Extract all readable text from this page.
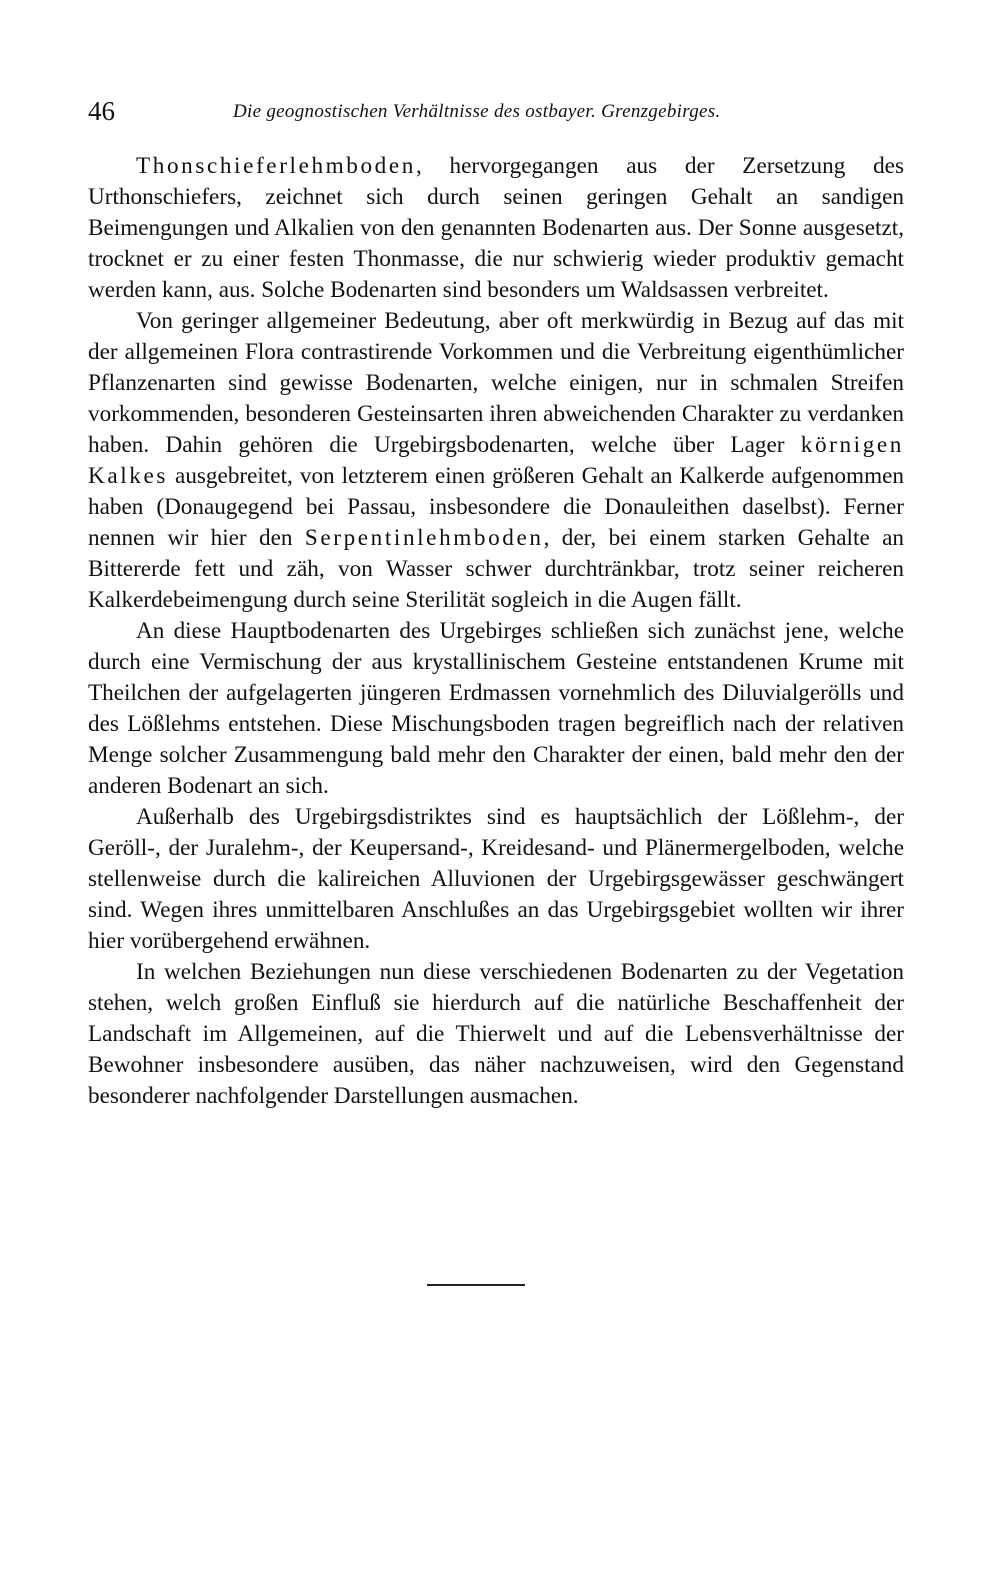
46	Die geognostischen Verhältnisse des ostbayer. Grenzgebirges.

Thonschieferlehmboden, hervorgegangen aus der Zersetzung des Urthonschiefers, zeichnet sich durch seinen geringen Gehalt an sandigen Beimengungen und Alkalien von den genannten Bodenarten aus. Der Sonne ausgesetzt, trocknet er zu einer festen Thonmasse, die nur schwierig wieder produktiv gemacht werden kann, aus. Solche Bodenarten sind besonders um Waldsassen verbreitet.

Von geringer allgemeiner Bedeutung, aber oft merkwürdig in Bezug auf das mit der allgemeinen Flora contrastirende Vorkommen und die Verbreitung eigenthümlicher Pflanzenarten sind gewisse Bodenarten, welche einigen, nur in schmalen Streifen vorkommenden, besonderen Gesteinsarten ihren abweichenden Charakter zu verdanken haben. Dahin gehören die Urgebirgsbodenarten, welche über Lager körnigen Kalkes ausgebreitet, von letzterem einen größeren Gehalt an Kalkerde aufgenommen haben (Donaugegend bei Passau, insbesondere die Donauleithen daselbst). Ferner nennen wir hier den Serpentinlehmboden, der, bei einem starken Gehalte an Bittererde fett und zäh, von Wasser schwer durchtränkbar, trotz seiner reicheren Kalkerdebeimengung durch seine Sterilität sogleich in die Augen fällt.

An diese Hauptbodenarten des Urgebirges schließen sich zunächst jene, welche durch eine Vermischung der aus krystallinischem Gesteine entstandenen Krume mit Theilchen der aufgelagerten jüngeren Erdmassen vornehmlich des Diluvialgerölls und des Lößlehms entstehen. Diese Mischungsboden tragen begreiflich nach der relativen Menge solcher Zusammengung bald mehr den Charakter der einen, bald mehr den der anderen Bodenart an sich.

Außerhalb des Urgebirgsdistriktes sind es hauptsächlich der Lößlehm-, der Geröll-, der Juralehm-, der Keupersand-, Kreidesand- und Plänermergelboden, welche stellenweise durch die kalireichen Alluvionen der Urgebirgsgewässer geschwängert sind. Wegen ihres unmittelbaren Anschlußes an das Urgebirgsgebiet wollten wir ihrer hier vorübergehend erwähnen.

In welchen Beziehungen nun diese verschiedenen Bodenarten zu der Vegetation stehen, welch großen Einfluß sie hierdurch auf die natürliche Beschaffenheit der Landschaft im Allgemeinen, auf die Thierwelt und auf die Lebensverhältnisse der Bewohner insbesondere ausüben, das näher nachzuweisen, wird den Gegenstand besonderer nachfolgender Darstellungen ausmachen.
